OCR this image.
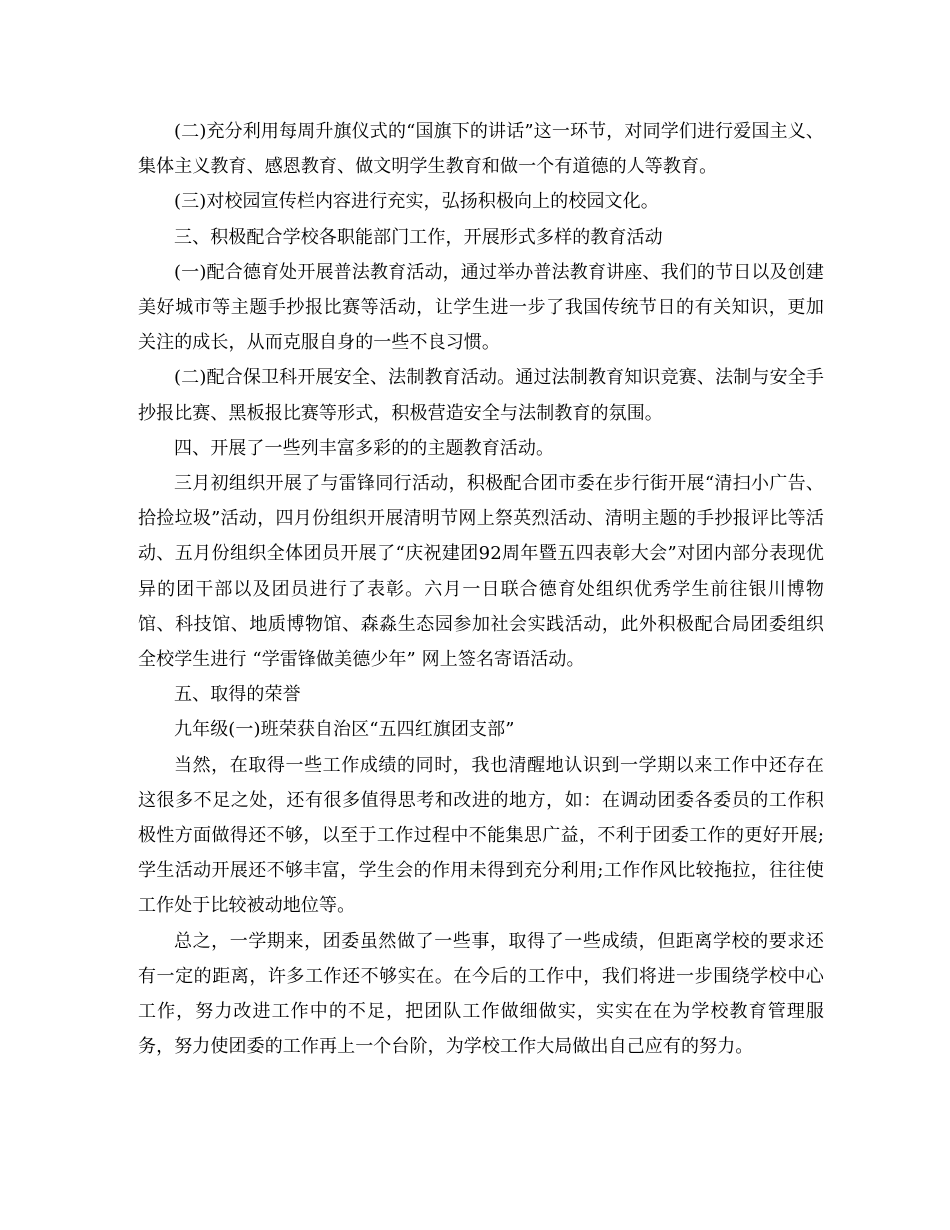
(二)充分利用每周升旗仪式的“国旗下的讲话”这一环节，对同学们进行爱国主义、集体主义教育、感恩教育、做文明学生教育和做一个有道德的人等教育。

(三)对校园宣传栏内容进行充实，弘扬积极向上的校园文化。

三、积极配合学校各职能部门工作，开展形式多样的教育活动

(一)配合德育处开展普法教育活动，通过举办普法教育讲座、我们的节日以及创建美好城市等主题手抄报比赛等活动，让学生进一步了我国传统节日的有关知识，更加关注的成长，从而克服自身的一些不良习惯。

(二)配合保卫科开展安全、法制教育活动。通过法制教育知识竞赛、法制与安全手抄报比赛、黑板报比赛等形式，积极营造安全与法制教育的氛围。

四、开展了一些列丰富多彩的的主题教育活动。

三月初组织开展了与雷锋同行活动，积极配合团市委在步行街开展“清扫小广告、拾捡垃圾”活动，四月份组织开展清明节网上祭英烈活动、清明主题的手抄报评比等活动、五月份组织全体团员开展了“庆祝建团92周年暨五四表彰大会”对团内部分表现优异的团干部以及团员进行了表彰。六月一日联合德育处组织优秀学生前往银川博物馆、科技馆、地质博物馆、森淼生态园参加社会实践活动，此外积极配合局团委组织全校学生进行 “学雷锋做美德少年” 网上签名寄语活动。

五、取得的荣誉

九年级(一)班荣获自治区“五四红旗团支部”

当然，在取得一些工作成绩的同时，我也清醒地认识到一学期以来工作中还存在这很多不足之处，还有很多值得思考和改进的地方，如：在调动团委各委员的工作积极性方面做得还不够，以至于工作过程中不能集思广益，不利于团委工作的更好开展;学生活动开展还不够丰富，学生会的作用未得到充分利用;工作作风比较拖拉，往往使工作处于比较被动地位等。

总之，一学期来，团委虽然做了一些事，取得了一些成绩，但距离学校的要求还有一定的距离，许多工作还不够实在。在今后的工作中，我们将进一步围绕学校中心工作，努力改进工作中的不足，把团队工作做细做实，实实在在为学校教育管理服务，努力使团委的工作再上一个台阶，为学校工作大局做出自己应有的努力。
